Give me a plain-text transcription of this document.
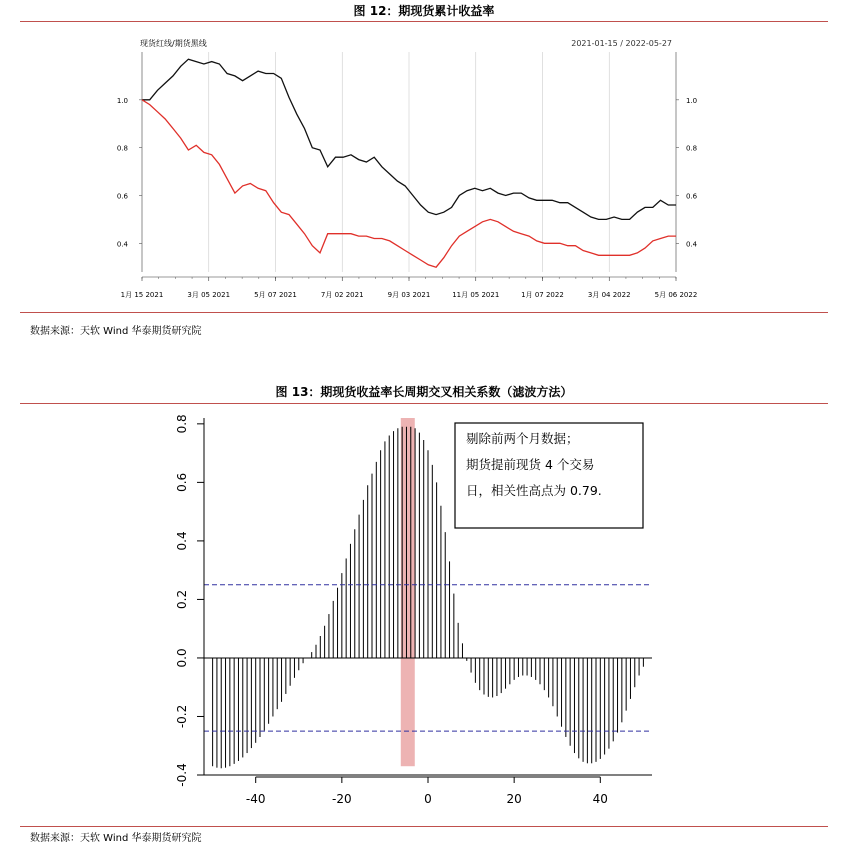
图 12：期现货累计收益率
现货红线/期货黑线	2021-01-15 / 2022-05-27
1月 15 2021	3月 05 2021	5月 07 2021	7月 02 2021	9月 03 2021	11月 05 2021	1月 07 2022	3月 04 2022	5月 06 2022
0.4	0.4
0.6	0.6
0.8	0.8
1.0	1.0
数据来源：天软 Wind 华泰期货研究院
图 13：期现货收益率长周期交叉相关系数（滤波方法）
-40	-20	0	20	40
-0.4
-0.2
0.0
0.2
0.4
0.6
0.8
剔除前两个月数据；
期货提前现货 4 个交易
日，相关性高点为 0.79.
数据来源：天软 Wind 华泰期货研究院
